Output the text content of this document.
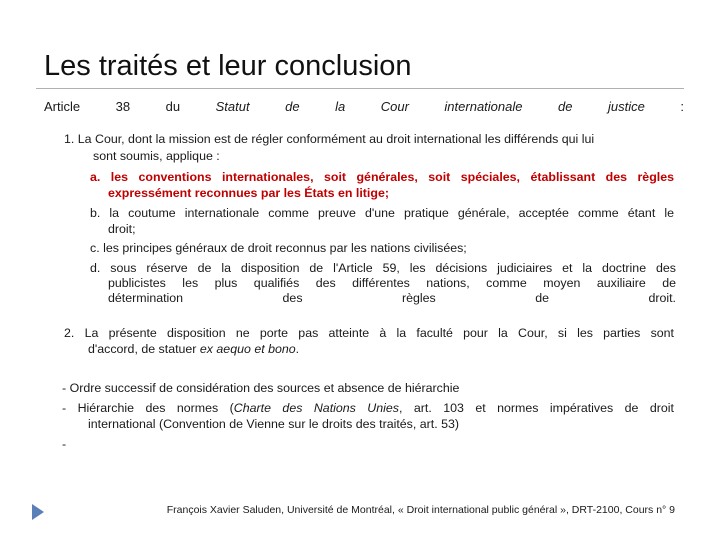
Les traités et leur conclusion
Article	38	du	Statut	de	la	Cour	internationale	de	justice	:
1. La Cour, dont la mission est de régler conformément au droit international les différends qui lui
sont soumis, applique :
a. les conventions internationales, soit générales, soit spéciales, établissant des règles
expressément reconnues par les États en litige;
b. la coutume internationale comme preuve d'une pratique générale, acceptée comme étant le
droit;
c. les principes généraux de droit reconnus par les nations civilisées;
d. sous réserve de la disposition de l'Article 59, les décisions judiciaires et la doctrine des
publicistes les plus qualifiés des différentes nations, comme moyen auxiliaire de
détermination des règles de droit.
2. La présente disposition ne porte pas atteinte à la faculté pour la Cour, si les parties sont
d'accord, de statuer ex aequo et bono.
- Ordre successif de considération des sources et absence de hiérarchie
- Hiérarchie des normes (Charte des Nations Unies, art. 103 et normes impératives de droit
international (Convention de Vienne sur le droits des traités, art. 53)
-
François Xavier Saluden, Université de Montréal, « Droit international public général », DRT-2100, Cours n° 9
